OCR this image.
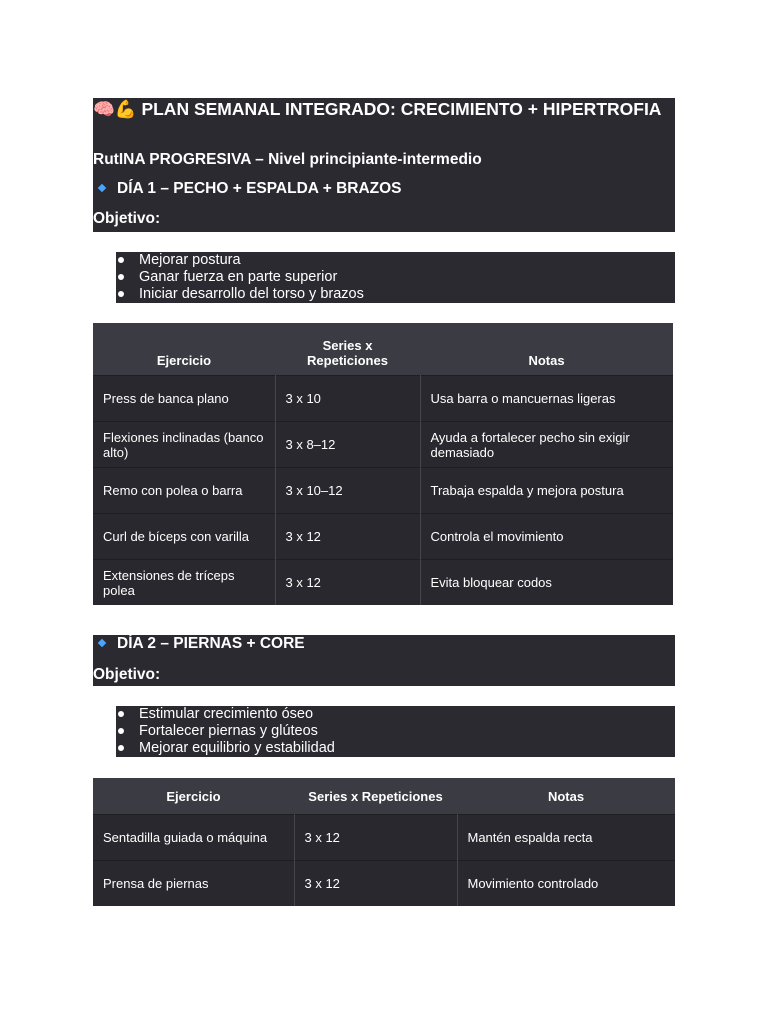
🧠💪 PLAN SEMANAL INTEGRADO: CRECIMIENTO + HIPERTROFIA
RutINA PROGRESIVA – Nivel principiante-intermedio
DÍA 1 – PECHO + ESPALDA + BRAZOS
Objetivo:
Mejorar postura
Ganar fuerza en parte superior
Iniciar desarrollo del torso y brazos
Ejercicio	Series x Repeticiones	Notas
Press de banca plano	3 x 10	Usa barra o mancuernas ligeras
Flexiones inclinadas (banco alto)	3 x 8–12	Ayuda a fortalecer pecho sin exigir demasiado
Remo con polea o barra	3 x 10–12	Trabaja espalda y mejora postura
Curl de bíceps con varilla	3 x 12	Controla el movimiento
Extensiones de tríceps polea	3 x 12	Evita bloquear codos
DÍA 2 – PIERNAS + CORE
Objetivo:
Estimular crecimiento óseo
Fortalecer piernas y glúteos
Mejorar equilibrio y estabilidad
Ejercicio	Series x Repeticiones	Notas
Sentadilla guiada o máquina	3 x 12	Mantén espalda recta
Prensa de piernas	3 x 12	Movimiento controlado
